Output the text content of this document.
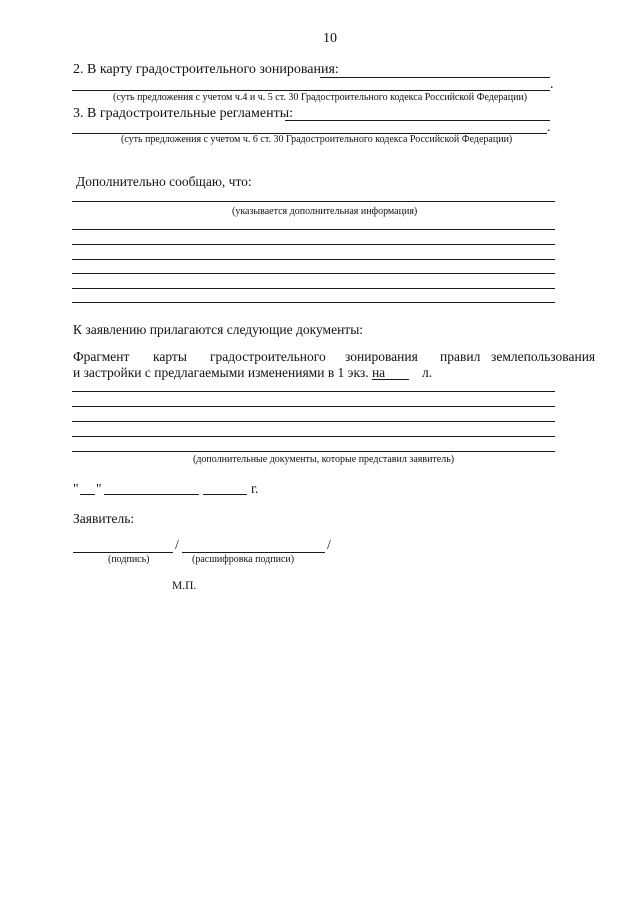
10
2. В карту градостроительного зонирования:
.
(суть предложения с учетом ч.4 и ч. 5 ст. 30 Градостроительного кодекса Российской Федерации)
3. В градостроительные регламенты:
.
(суть предложения с учетом ч. 6 ст. 30 Градостроительного кодекса Российской Федерации)
Дополнительно сообщаю, что:
(указывается дополнительная информация)
К заявлению прилагаются следующие документы:
Фрагмент карты градостроительного зонирования правил землепользования
и застройки с предлагаемыми изменениями в 1 экз. на	л.
(дополнительные документы, которые представил заявитель)
" "	г.
Заявитель:
/	/
(подпись)	(расшифровка подписи)
М.П.
